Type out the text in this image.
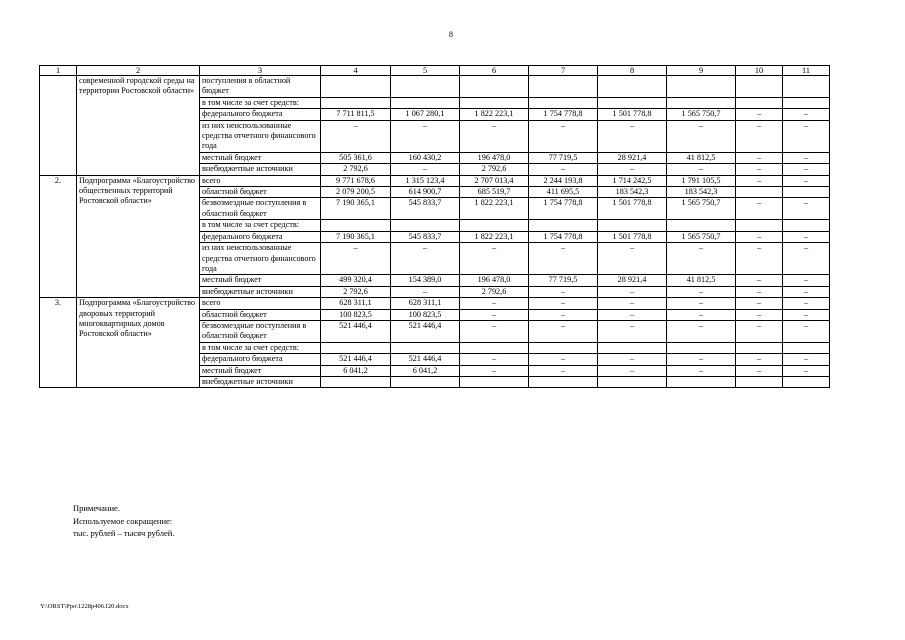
8
1	2	3	4	5	6	7	8	9	10	11
	современной городской среды на территории Ростовской области»	поступления в областной бюджет								
		в том числе за счет средств:								
		федерального бюджета	7 711 811,5	1 067 280,1	1 822 223,1	1 754 778,8	1 501 778,8	1 565 750,7	–	–
		из них неиспользованные средства отчетного финансового года	–	–	–	–	–	–	–	–
		местный бюджет	505 361,6	160 430,2	196 478,0	77 719,5	28 921,4	41 812,5	–	–
		внебюджетные источники	2 792,6	–	2 792,6	–	–	–	–	–
2.	Подпрограмма «Благоустройство общественных территорий Ростовской области»	всего	9 771 678,6	1 315 123,4	2 707 013,4	2 244 193,8	1 714 242,5	1 791 105,5	–	–
		областной бюджет	2 079 200,5	614 900,7	685 519,7	411 695,5	183 542,3	183 542,3		
		безвозмездные поступления в областной бюджет	7 190 365,1	545 833,7	1 822 223,1	1 754 778,8	1 501 778,8	1 565 750,7	–	–
		в том числе за счет средств:								
		федерального бюджета	7 190 365,1	545 833,7	1 822 223,1	1 754 778,8	1 501 778,8	1 565 750,7	–	–
		из них неиспользованные средства отчетного финансового года	–	–	–	–	–	–	–	–
		местный бюджет	499 320,4	154 389,0	196 478,0	77 719,5	28 921,4	41 812,5	–	–
		внебюджетные источники	2 792,6	–	2 792,6	–	–	–	–	–
3.	Подпрограмма «Благоустройство дворовых территорий многоквартирных домов Ростовской области»	всего	628 311,1	628 311,1	–	–	–	–	–	–
		областной бюджет	100 823,5	100 823,5	–	–	–	–	–	–
		безвозмездные поступления в областной бюджет	521 446,4	521 446,4	–	–	–	–	–	–
		в том числе за счет средств:								
		федерального бюджета	521 446,4	521 446,4	–	–	–	–	–	–
		местный бюджет	6 041,2	6 041,2	–	–	–	–	–	–
		внебюджетные источники								
Примечание.
Используемое сокращение:
тыс. рублей – тысяч рублей.
Y:\ORST\Ppo\1228p406.f20.docx
